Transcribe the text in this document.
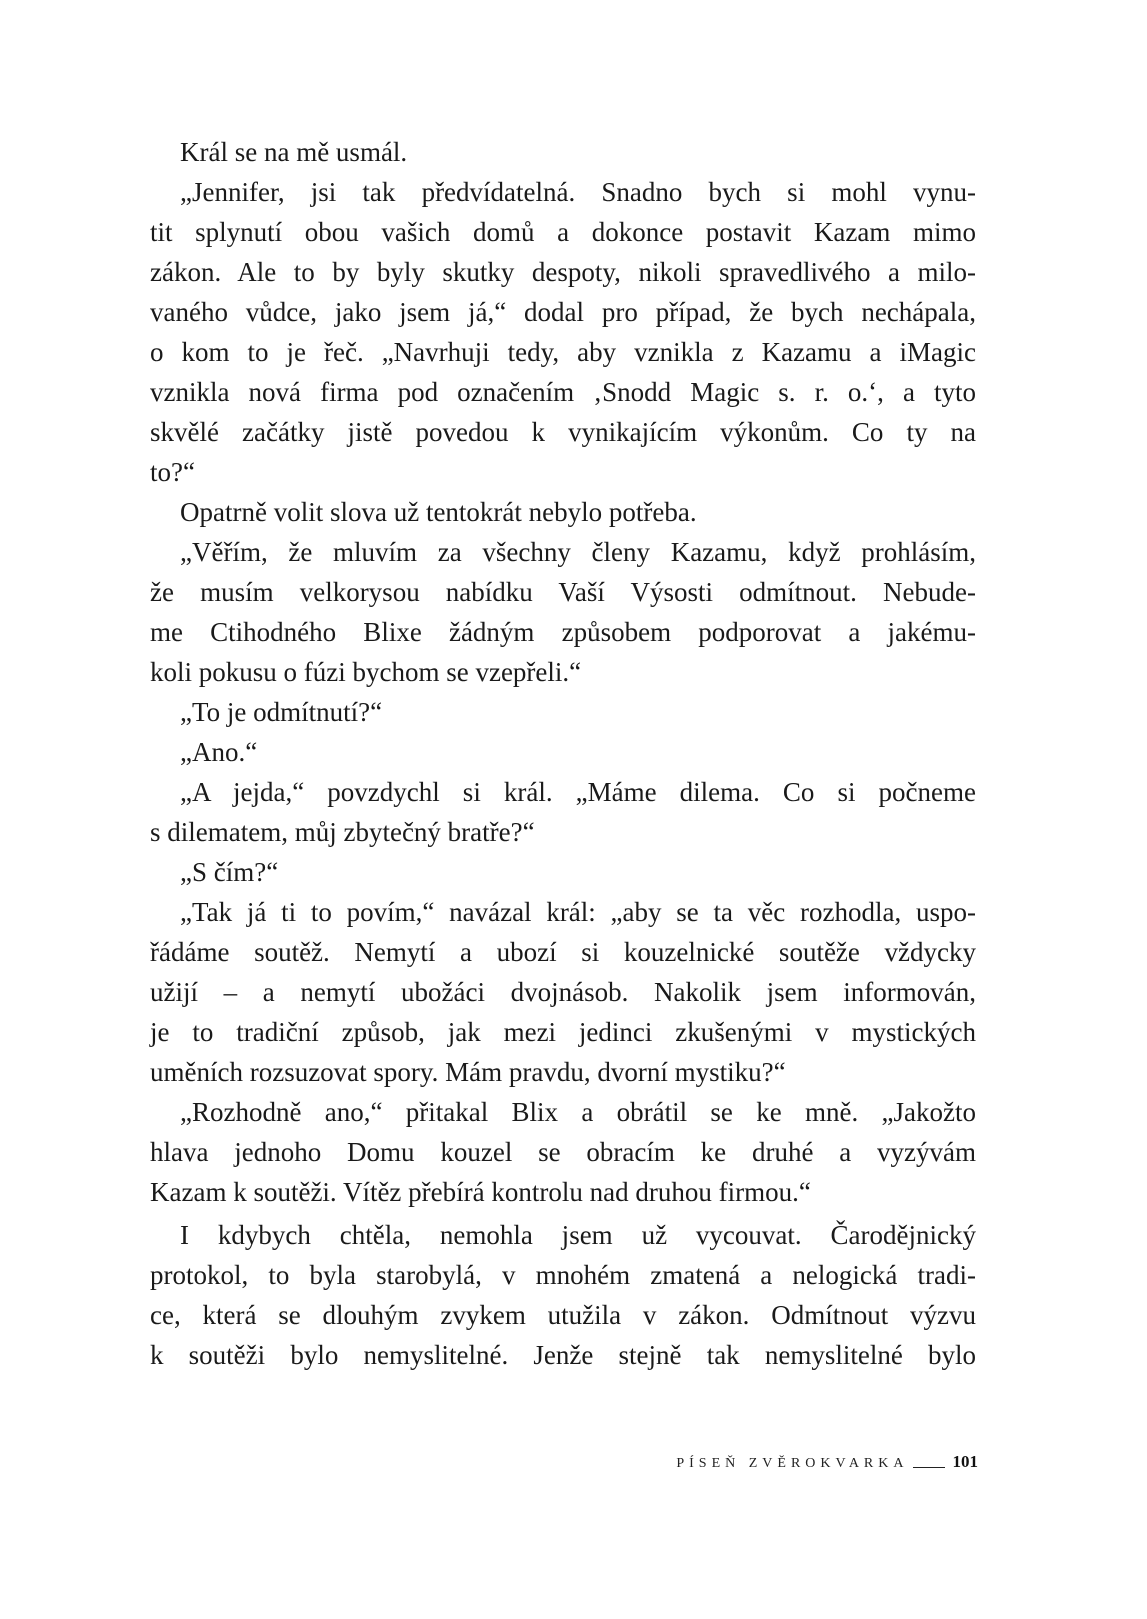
Král se na mě usmál.
„Jennifer, jsi tak předvídatelná. Snadno bych si mohl vynu-
tit splynutí obou vašich domů a dokonce postavit Kazam mimo
zákon. Ale to by byly skutky despoty, nikoli spravedlivého a milo-
vaného vůdce, jako jsem já,“ dodal pro případ, že bych nechápala,
o kom to je řeč. „Navrhuji tedy, aby vznikla z Kazamu a iMagic
vznikla nová firma pod označením ‚Snodd Magic s. r. o.‘, a tyto
skvělé začátky jistě povedou k vynikajícím výkonům. Co ty na
to?“
Opatrně volit slova už tentokrát nebylo potřeba.
„Věřím, že mluvím za všechny členy Kazamu, když prohlásím,
že musím velkorysou nabídku Vaší Výsosti odmítnout. Nebude-
me Ctihodného Blixe žádným způsobem podporovat a jakému-
koli pokusu o fúzi bychom se vzepřeli.“
„To je odmítnutí?“
„Ano.“
„A jejda,“ povzdychl si král. „Máme dilema. Co si počneme
s dilematem, můj zbytečný bratře?“
„S čím?“
„Tak já ti to povím,“ navázal král: „aby se ta věc rozhodla, uspo-
řádáme soutěž. Nemytí a ubozí si kouzelnické soutěže vždycky
užijí – a nemytí ubožáci dvojnásob. Nakolik jsem informován,
je to tradiční způsob, jak mezi jedinci zkušenými v mystických
uměních rozsuzovat spory. Mám pravdu, dvorní mystiku?“
„Rozhodně ano,“ přitakal Blix a obrátil se ke mně. „Jakožto
hlava jednoho Domu kouzel se obracím ke druhé a vyzývám
Kazam k soutěži. Vítěz přebírá kontrolu nad druhou firmou.“
I kdybych chtěla, nemohla jsem už vycouvat. Čarodějnický
protokol, to byla starobylá, v mnohém zmatená a nelogická tradi-
ce, která se dlouhým zvykem utužila v zákon. Odmítnout výzvu
k soutěži bylo nemyslitelné. Jenže stejně tak nemyslitelné bylo
PÍSEŇ ZVĚROKVARKA	101
